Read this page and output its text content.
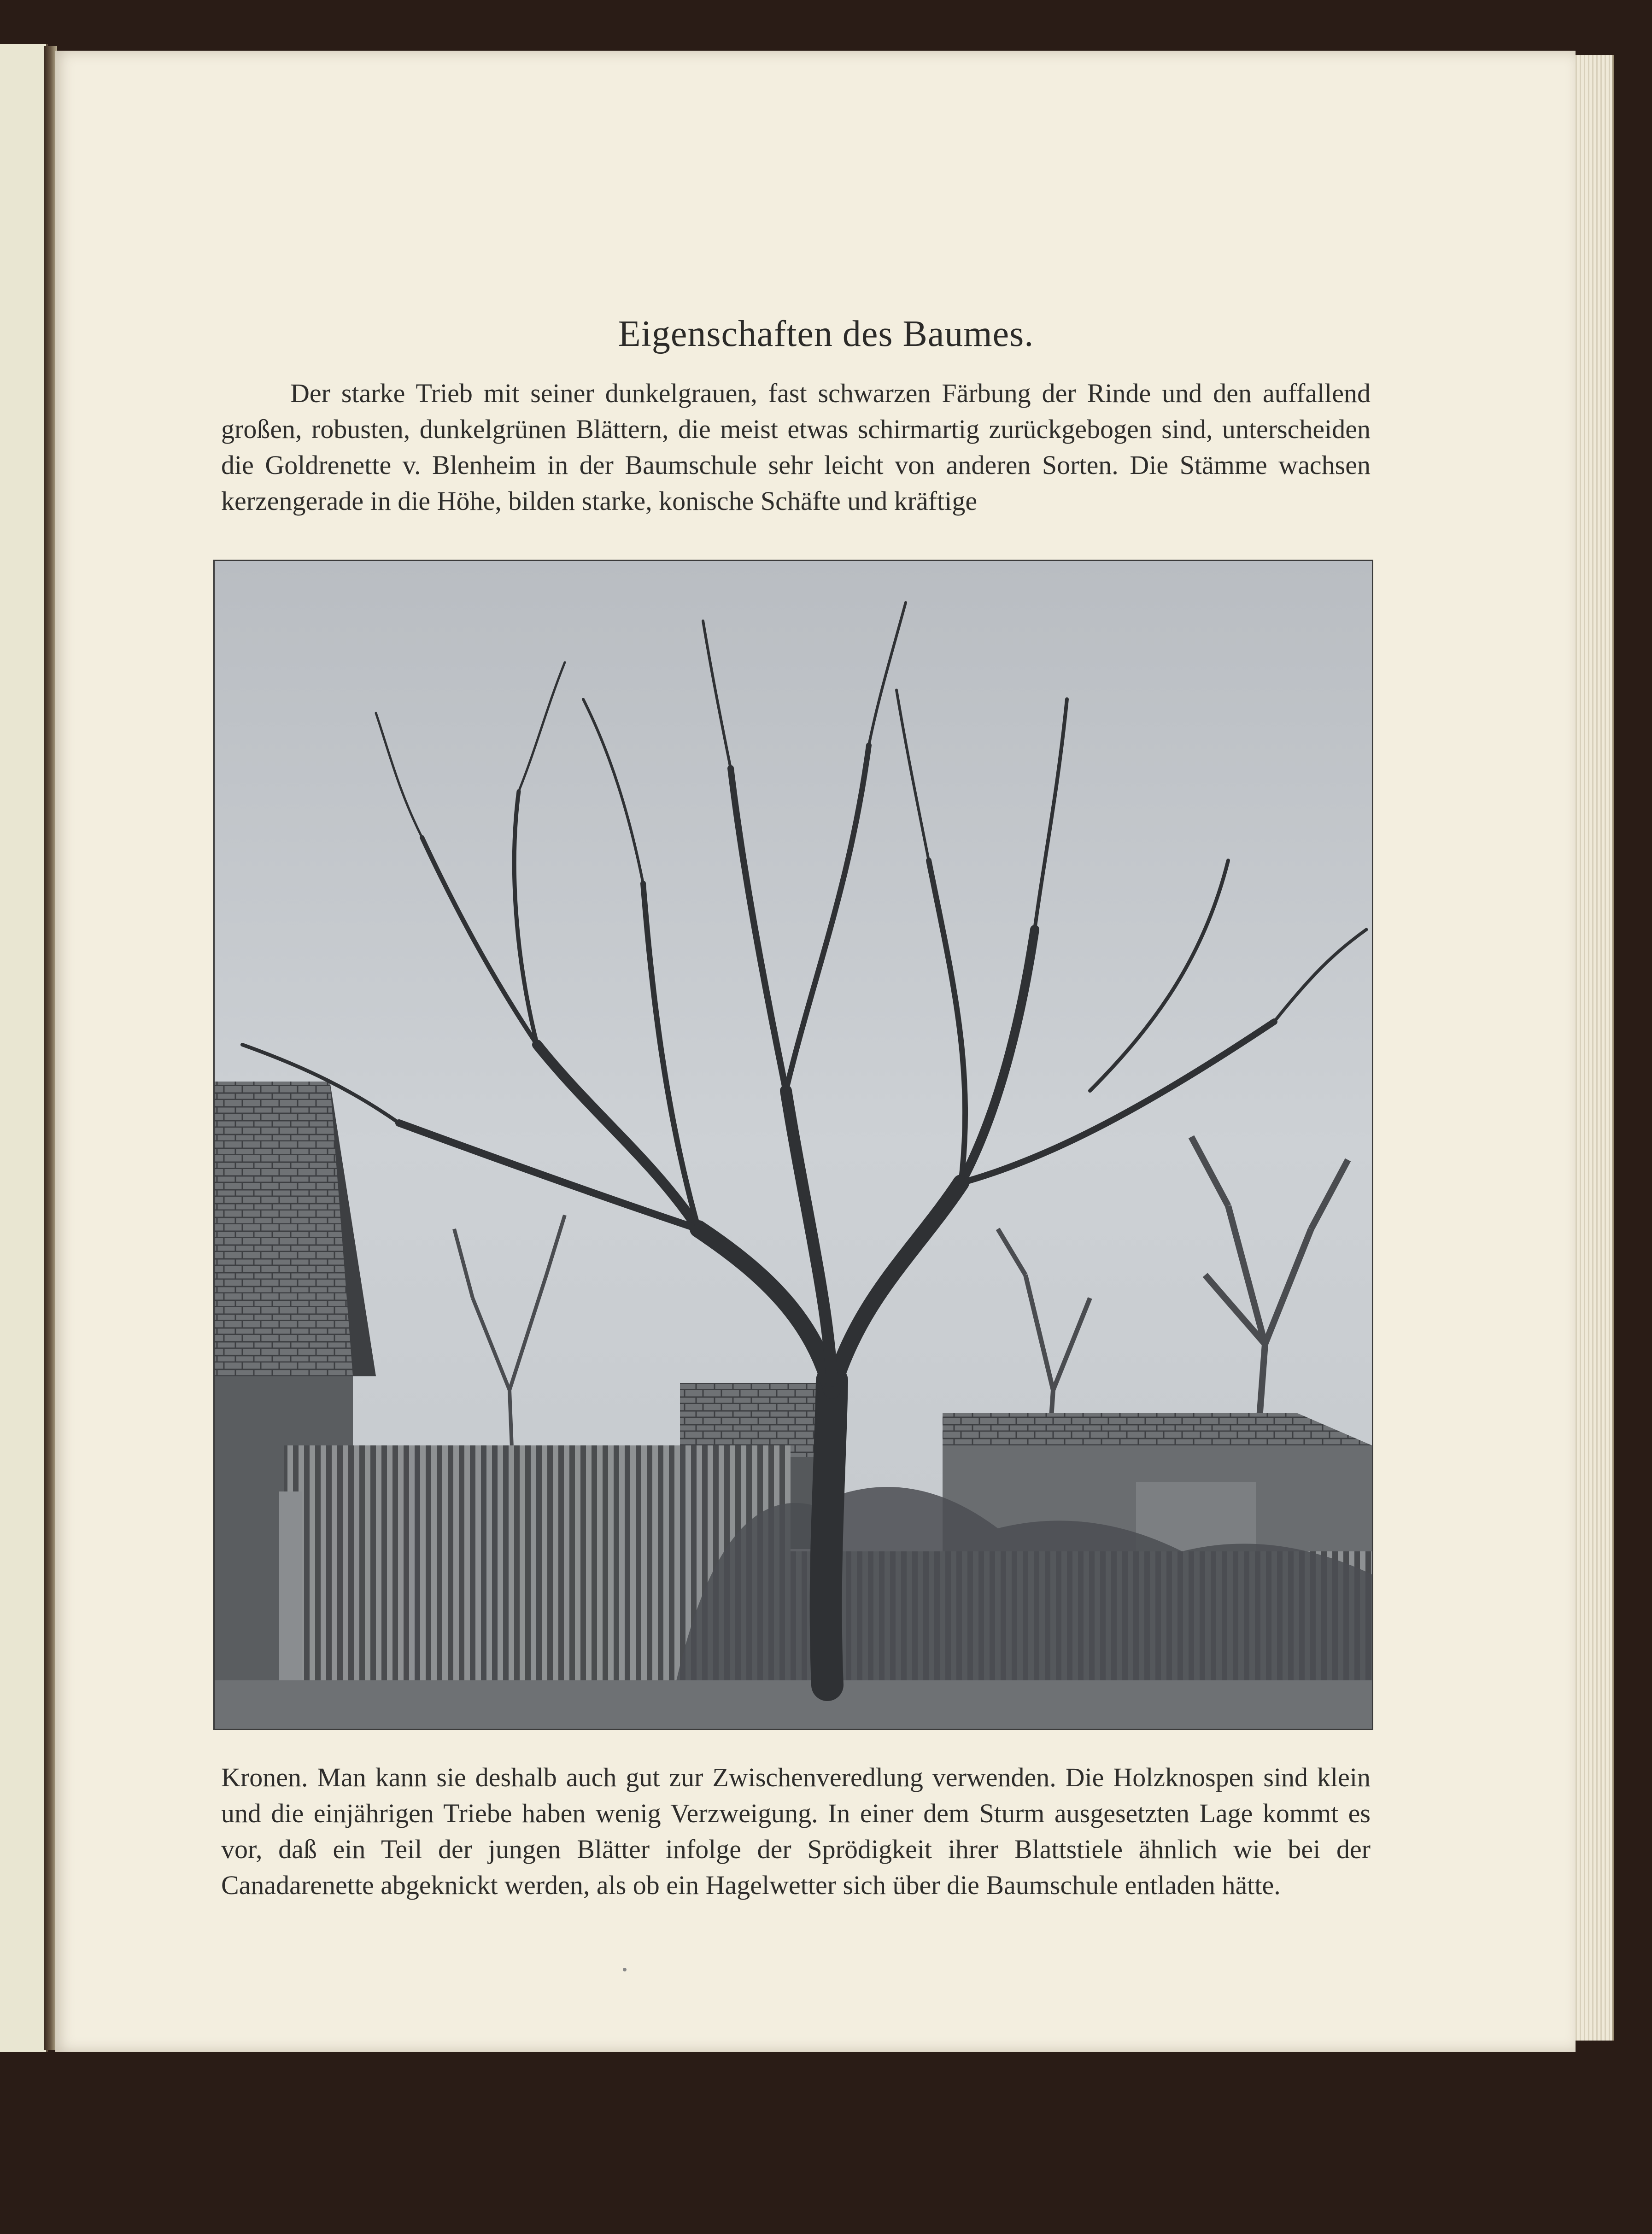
Eigenschaften des Baumes.
Der starke Trieb mit seiner dunkelgrauen, fast schwarzen Färbung der Rinde und den auffallend großen, robusten, dunkelgrünen Blättern, die meist etwas schirmartig zurückgebogen sind, unterscheiden die Goldrenette v. Blenheim in der Baumschule sehr leicht von anderen Sorten. Die Stämme wachsen kerzengerade in die Höhe, bilden starke, konische Schäfte und kräftige
Kronen. Man kann sie deshalb auch gut zur Zwischenveredlung verwenden. Die Holzknospen sind klein und die einjährigen Triebe haben wenig Verzweigung. In einer dem Sturm ausgesetzten Lage kommt es vor, daß ein Teil der jungen Blätter infolge der Sprödigkeit ihrer Blattstiele ähnlich wie bei der Canadarenette abgeknickt werden, als ob ein Hagelwetter sich über die Baumschule entladen hätte.
